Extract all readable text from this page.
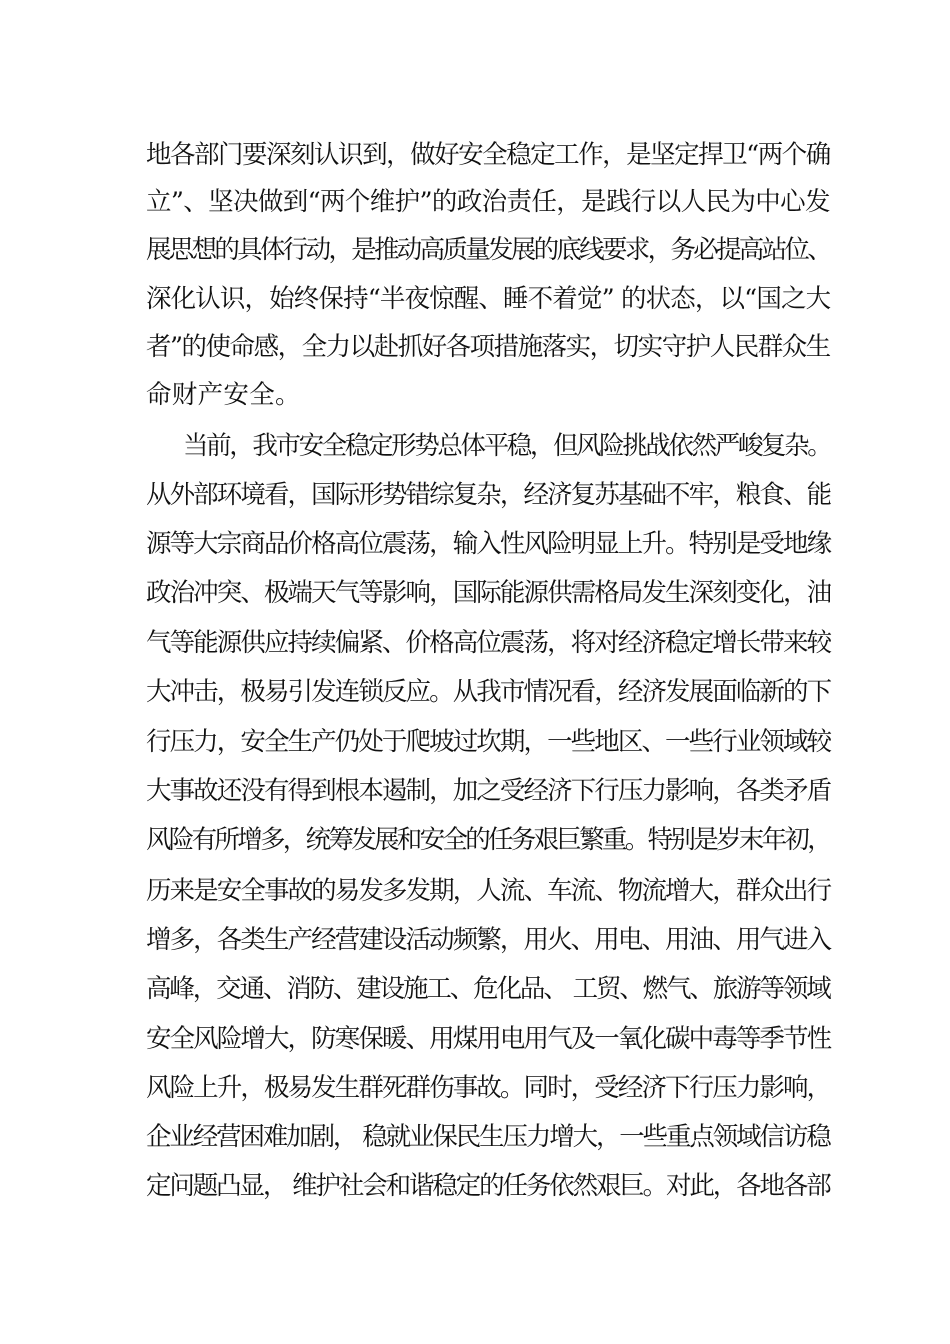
地各部门要深刻认识到，做好安全稳定工作，是坚定捍卫“两个确
立”、坚决做到“两个维护”的政治责任，是践行以人民为中心发
展思想的具体行动，是推动高质量发展的底线要求，务必提高站位、
深化认识，始终保持“半夜惊醒、睡不着觉” 的状态，以“国之大
者”的使命感，全力以赴抓好各项措施落实，切实守护人民群众生
命财产安全。
当前，我市安全稳定形势总体平稳，但风险挑战依然严峻复杂。
从外部环境看，国际形势错综复杂，经济复苏基础不牢，粮食、能
源等大宗商品价格高位震荡，输入性风险明显上升。特别是受地缘
政治冲突、极端天气等影响，国际能源供需格局发生深刻变化，油
气等能源供应持续偏紧、价格高位震荡，将对经济稳定增长带来较
大冲击，极易引发连锁反应。从我市情况看，经济发展面临新的下
行压力，安全生产仍处于爬坡过坎期，一些地区、一些行业领域较
大事故还没有得到根本遏制，加之受经济下行压力影响，各类矛盾
风险有所增多，统筹发展和安全的任务艰巨繁重。特别是岁末年初，
历来是安全事故的易发多发期，人流、车流、物流增大，群众出行
增多，各类生产经营建设活动频繁，用火、用电、用油、用气进入
高峰，交通、消防、建设施工、危化品、 工贸、燃气、旅游等领域
安全风险增大，防寒保暖、用煤用电用气及一氧化碳中毒等季节性
风险上升，极易发生群死群伤事故。同时，受经济下行压力影响，
企业经营困难加剧， 稳就业保民生压力增大，一些重点领域信访稳
定问题凸显， 维护社会和谐稳定的任务依然艰巨。对此，各地各部
